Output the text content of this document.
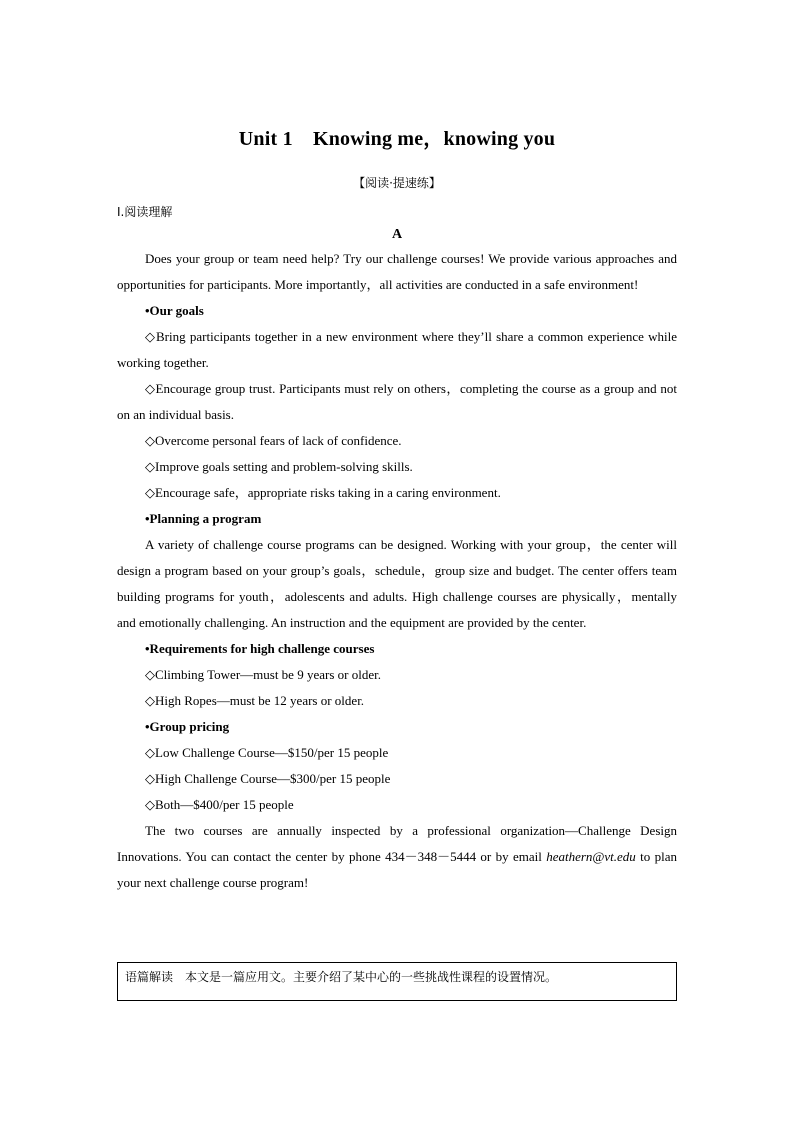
Unit 1　Knowing me，knowing you
【阅读·提速练】
Ⅰ.阅读理解
A

Does your group or team need help? Try our challenge courses! We provide various approaches and opportunities for participants. More importantly，all activities are conducted in a safe environment!

•Our goals

◇Bring participants together in a new environment where they’ll share a common experience while working together.

◇Encourage group trust. Participants must rely on others，completing the course as a group and not on an individual basis.

◇Overcome personal fears of lack of confidence.

◇Improve goals setting and problem-solving skills.

◇Encourage safe，appropriate risks taking in a caring environment.

•Planning a program

A variety of challenge course programs can be designed. Working with your group，the center will design a program based on your group’s goals，schedule，group size and budget. The center offers team building programs for youth，adolescents and adults. High challenge courses are physically，mentally and emotionally challenging. An instruction and the equipment are provided by the center.

•Requirements for high challenge courses

◇Climbing Tower—must be 9 years or older.

◇High Ropes—must be 12 years or older.

•Group pricing

◇Low Challenge Course—$150/per 15 people

◇High Challenge Course—$300/per 15 people

◇Both—$400/per 15 people

The two courses are annually inspected by a professional organization—Challenge Design Innovations. You can contact the center by phone 434－348－5444 or by email heathern@vt.edu to plan your next challenge course program!

语篇解读 本文是一篇应用文。主要介绍了某中心的一些挑战性课程的设置情况。
